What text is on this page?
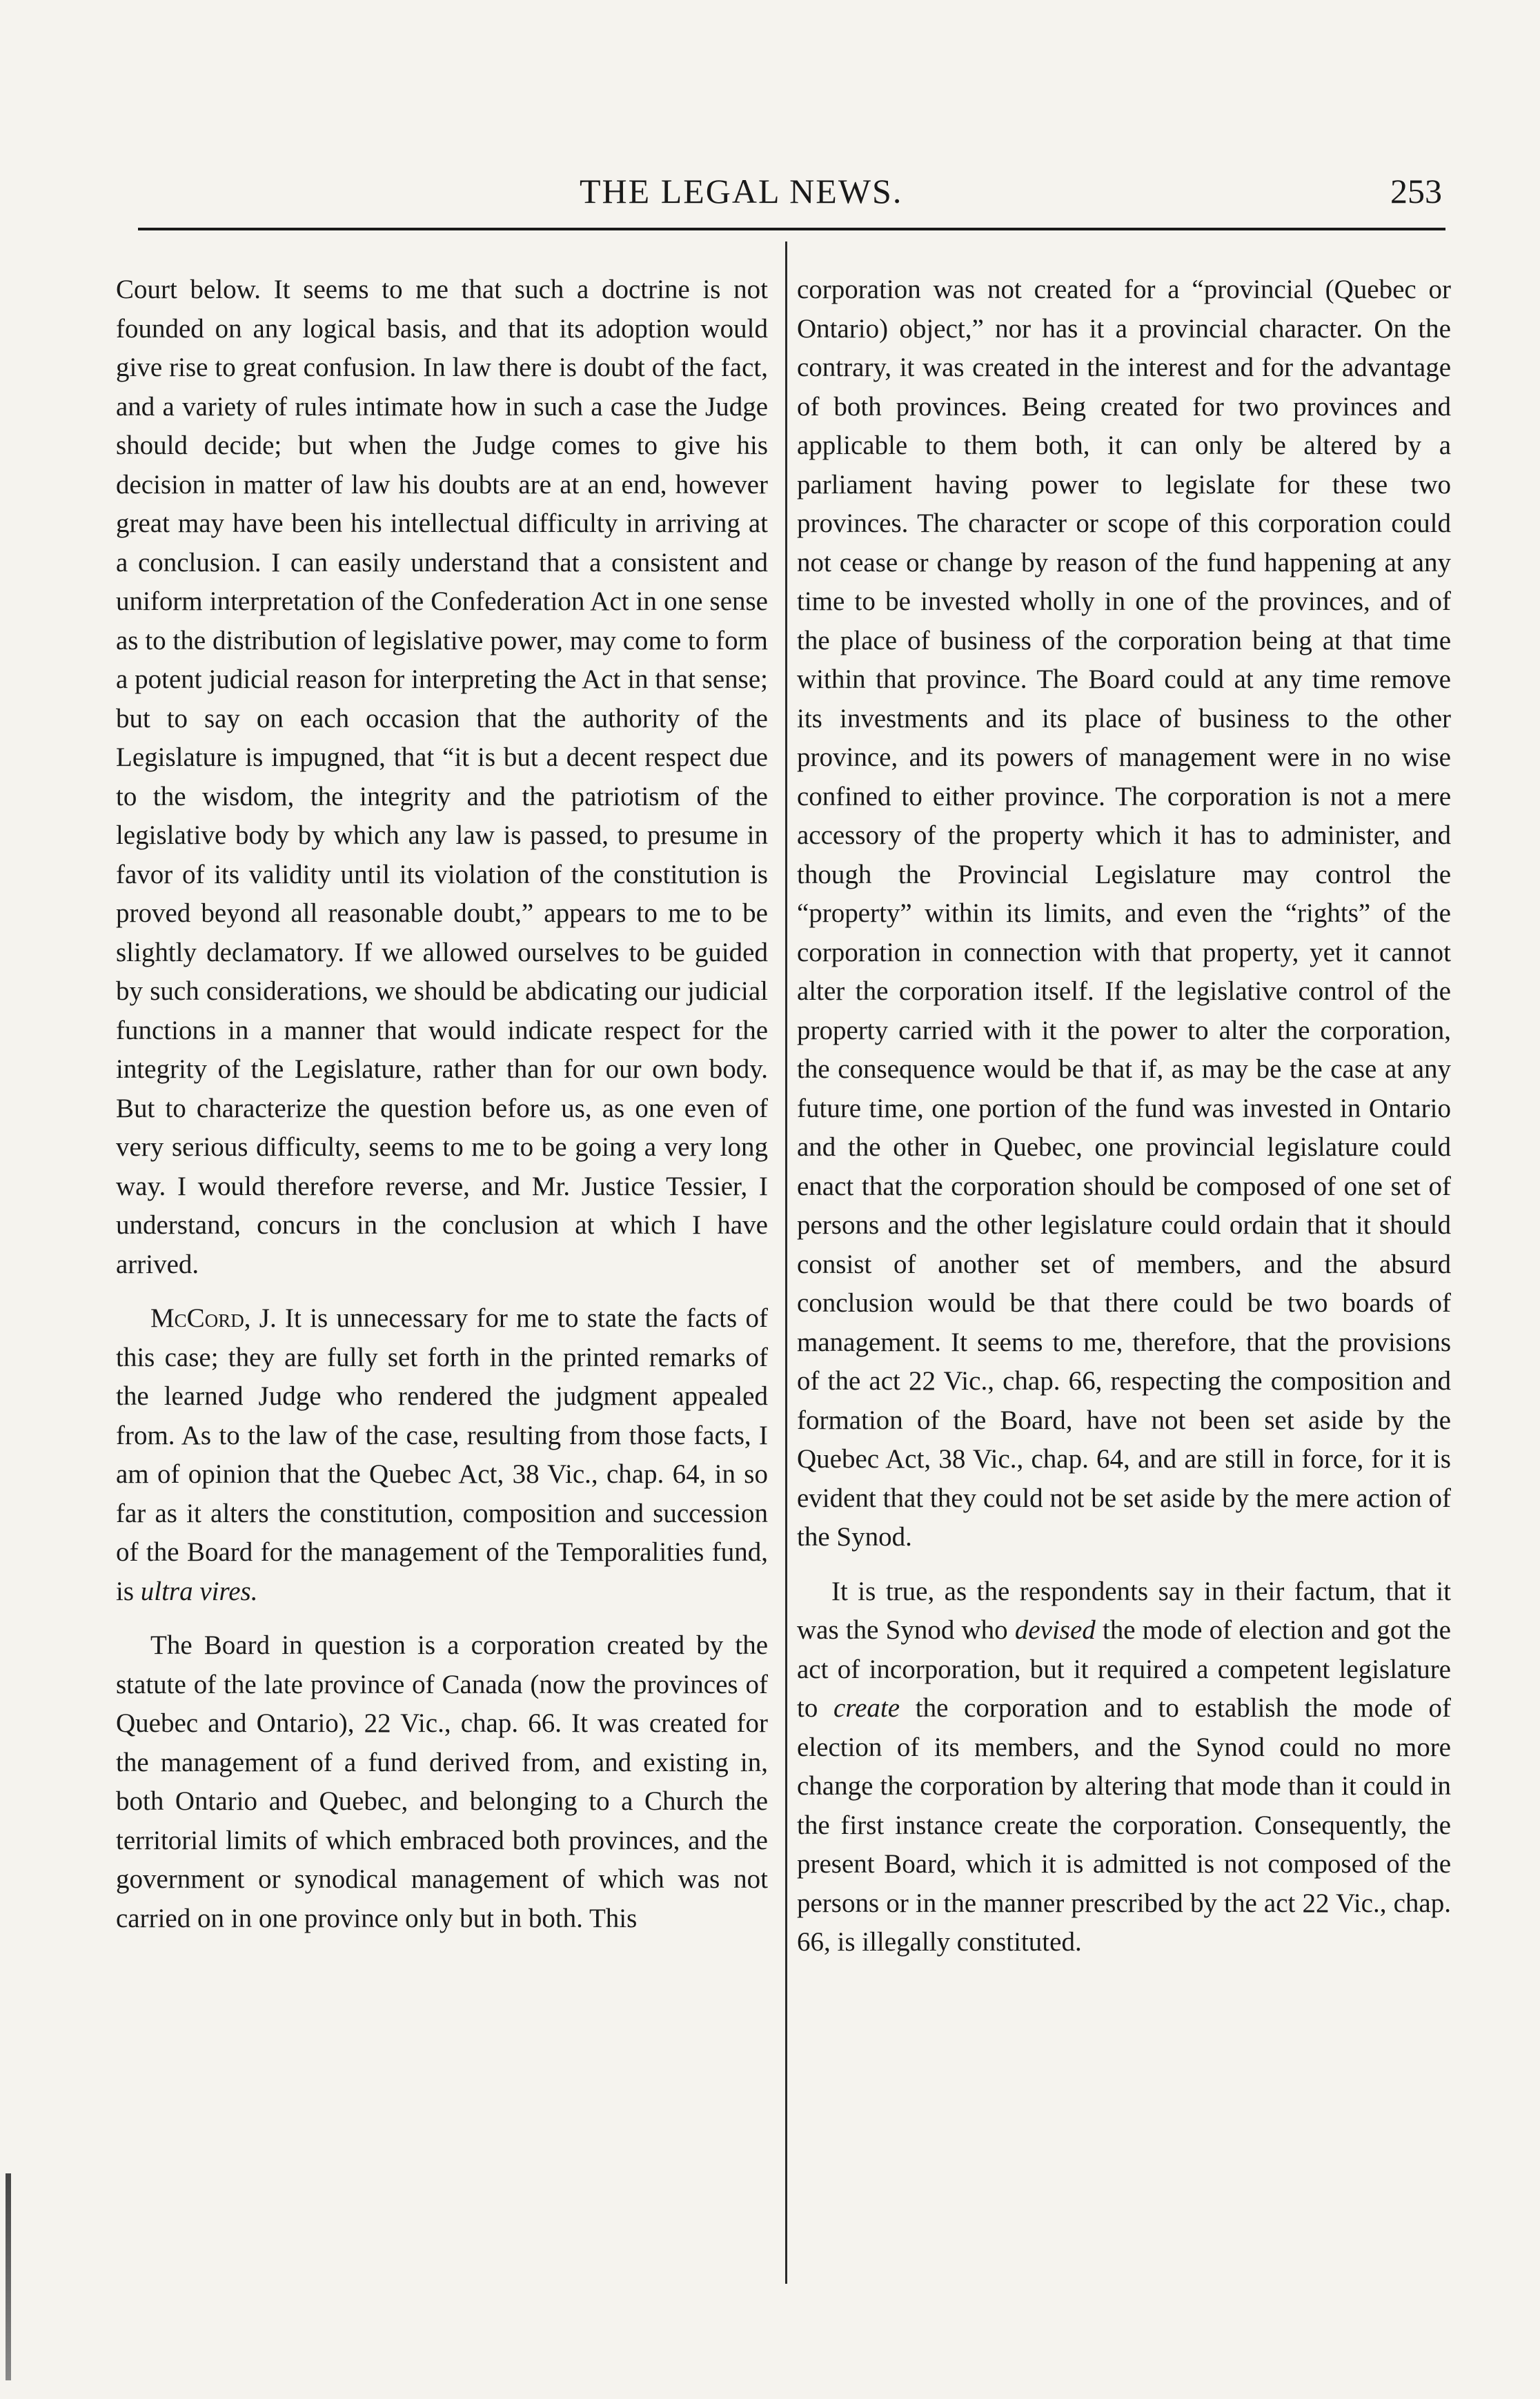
THE LEGAL NEWS.	253

Court below. It seems to me that such a doctrine is not founded on any logical basis, and that its adoption would give rise to great confusion. In law there is doubt of the fact, and a variety of rules intimate how in such a case the Judge should decide; but when the Judge comes to give his decision in matter of law his doubts are at an end, however great may have been his intellectual difficulty in arriving at a conclusion. I can easily understand that a consistent and uniform interpretation of the Confederation Act in one sense as to the distribution of legislative power, may come to form a potent judicial reason for interpreting the Act in that sense; but to say on each occasion that the authority of the Legislature is impugned, that “it is but a decent respect due to the wisdom, the integrity and the patriotism of the legislative body by which any law is passed, to presume in favor of its validity until its violation of the constitution is proved beyond all reasonable doubt,” appears to me to be slightly declamatory. If we allowed ourselves to be guided by such considerations, we should be abdicating our judicial functions in a manner that would indicate respect for the integrity of the Legislature, rather than for our own body. But to characterize the question before us, as one even of very serious difficulty, seems to me to be going a very long way. I would therefore reverse, and Mr. Justice Tessier, I understand, concurs in the conclusion at which I have arrived.

McCord, J. It is unnecessary for me to state the facts of this case; they are fully set forth in the printed remarks of the learned Judge who rendered the judgment appealed from. As to the law of the case, resulting from those facts, I am of opinion that the Quebec Act, 38 Vic., chap. 64, in so far as it alters the constitution, composition and succession of the Board for the management of the Temporalities fund, is ultra vires.

The Board in question is a corporation created by the statute of the late province of Canada (now the provinces of Quebec and Ontario), 22 Vic., chap. 66. It was created for the management of a fund derived from, and existing in, both Ontario and Quebec, and belonging to a Church the territorial limits of which embraced both provinces, and the government or synodical management of which was not carried on in one province only but in both. This

corporation was not created for a “provincial (Quebec or Ontario) object,” nor has it a provincial character. On the contrary, it was created in the interest and for the advantage of both provinces. Being created for two provinces and applicable to them both, it can only be altered by a parliament having power to legislate for these two provinces. The character or scope of this corporation could not cease or change by reason of the fund happening at any time to be invested wholly in one of the provinces, and of the place of business of the corporation being at that time within that province. The Board could at any time remove its investments and its place of business to the other province, and its powers of management were in no wise confined to either province. The corporation is not a mere accessory of the property which it has to administer, and though the Provincial Legislature may control the “property” within its limits, and even the “rights” of the corporation in connection with that property, yet it cannot alter the corporation itself. If the legislative control of the property carried with it the power to alter the corporation, the consequence would be that if, as may be the case at any future time, one portion of the fund was invested in Ontario and the other in Quebec, one provincial legislature could enact that the corporation should be composed of one set of persons and the other legislature could ordain that it should consist of another set of members, and the absurd conclusion would be that there could be two boards of management. It seems to me, therefore, that the provisions of the act 22 Vic., chap. 66, respecting the composition and formation of the Board, have not been set aside by the Quebec Act, 38 Vic., chap. 64, and are still in force, for it is evident that they could not be set aside by the mere action of the Synod.

It is true, as the respondents say in their factum, that it was the Synod who devised the mode of election and got the act of incorporation, but it required a competent legislature to create the corporation and to establish the mode of election of its members, and the Synod could no more change the corporation by altering that mode than it could in the first instance create the corporation. Consequently, the present Board, which it is admitted is not composed of the persons or in the manner prescribed by the act 22 Vic., chap. 66, is illegally constituted.
